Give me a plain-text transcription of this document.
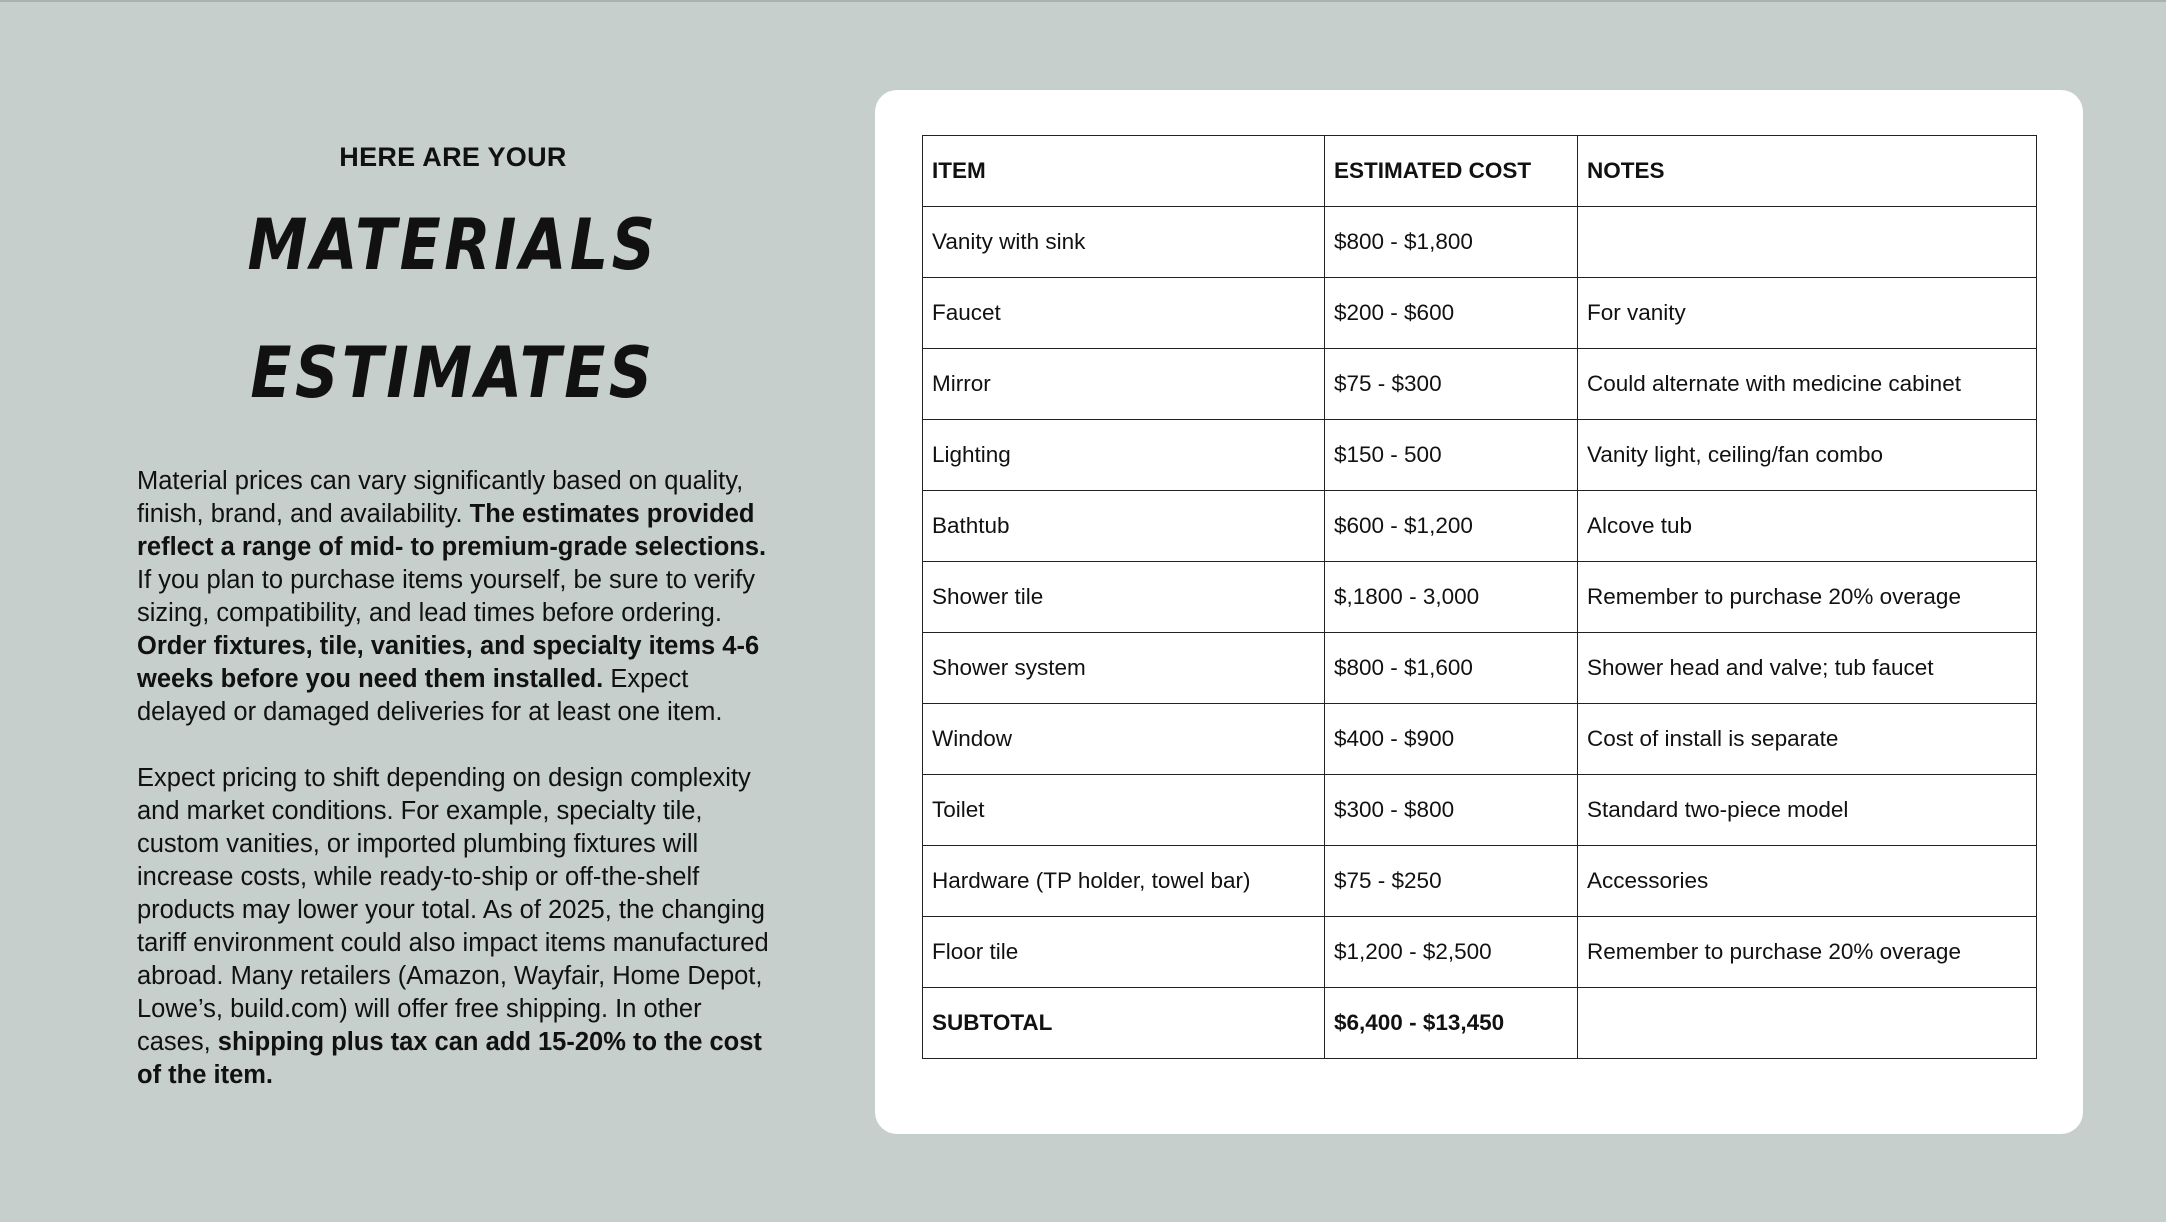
HERE ARE YOUR
MATERIALS
ESTIMATES

Material prices can vary significantly based on quality, finish, brand, and availability. The estimates provided reflect a range of mid- to premium-grade selections. If you plan to purchase items yourself, be sure to verify sizing, compatibility, and lead times before ordering. Order fixtures, tile, vanities, and specialty items 4-6 weeks before you need them installed. Expect delayed or damaged deliveries for at least one item.

Expect pricing to shift depending on design complexity and market conditions. For example, specialty tile, custom vanities, or imported plumbing fixtures will increase costs, while ready-to-ship or off-the-shelf products may lower your total. As of 2025, the changing tariff environment could also impact items manufactured abroad. Many retailers (Amazon, Wayfair, Home Depot, Lowe’s, build.com) will offer free shipping. In other cases, shipping plus tax can add 15-20% to the cost of the item.

ITEM	ESTIMATED COST	NOTES
Vanity with sink	$800 - $1,800	
Faucet	$200 - $600	For vanity
Mirror	$75 - $300	Could alternate with medicine cabinet
Lighting	$150 - 500	Vanity light, ceiling/fan combo
Bathtub	$600 - $1,200	Alcove tub
Shower tile	$,1800 - 3,000	Remember to purchase 20% overage
Shower system	$800 - $1,600	Shower head and valve; tub faucet
Window	$400 - $900	Cost of install is separate
Toilet	$300 - $800	Standard two-piece model
Hardware (TP holder, towel bar)	$75 - $250	Accessories
Floor tile	$1,200 - $2,500	Remember to purchase 20% overage
SUBTOTAL	$6,400 - $13,450	
